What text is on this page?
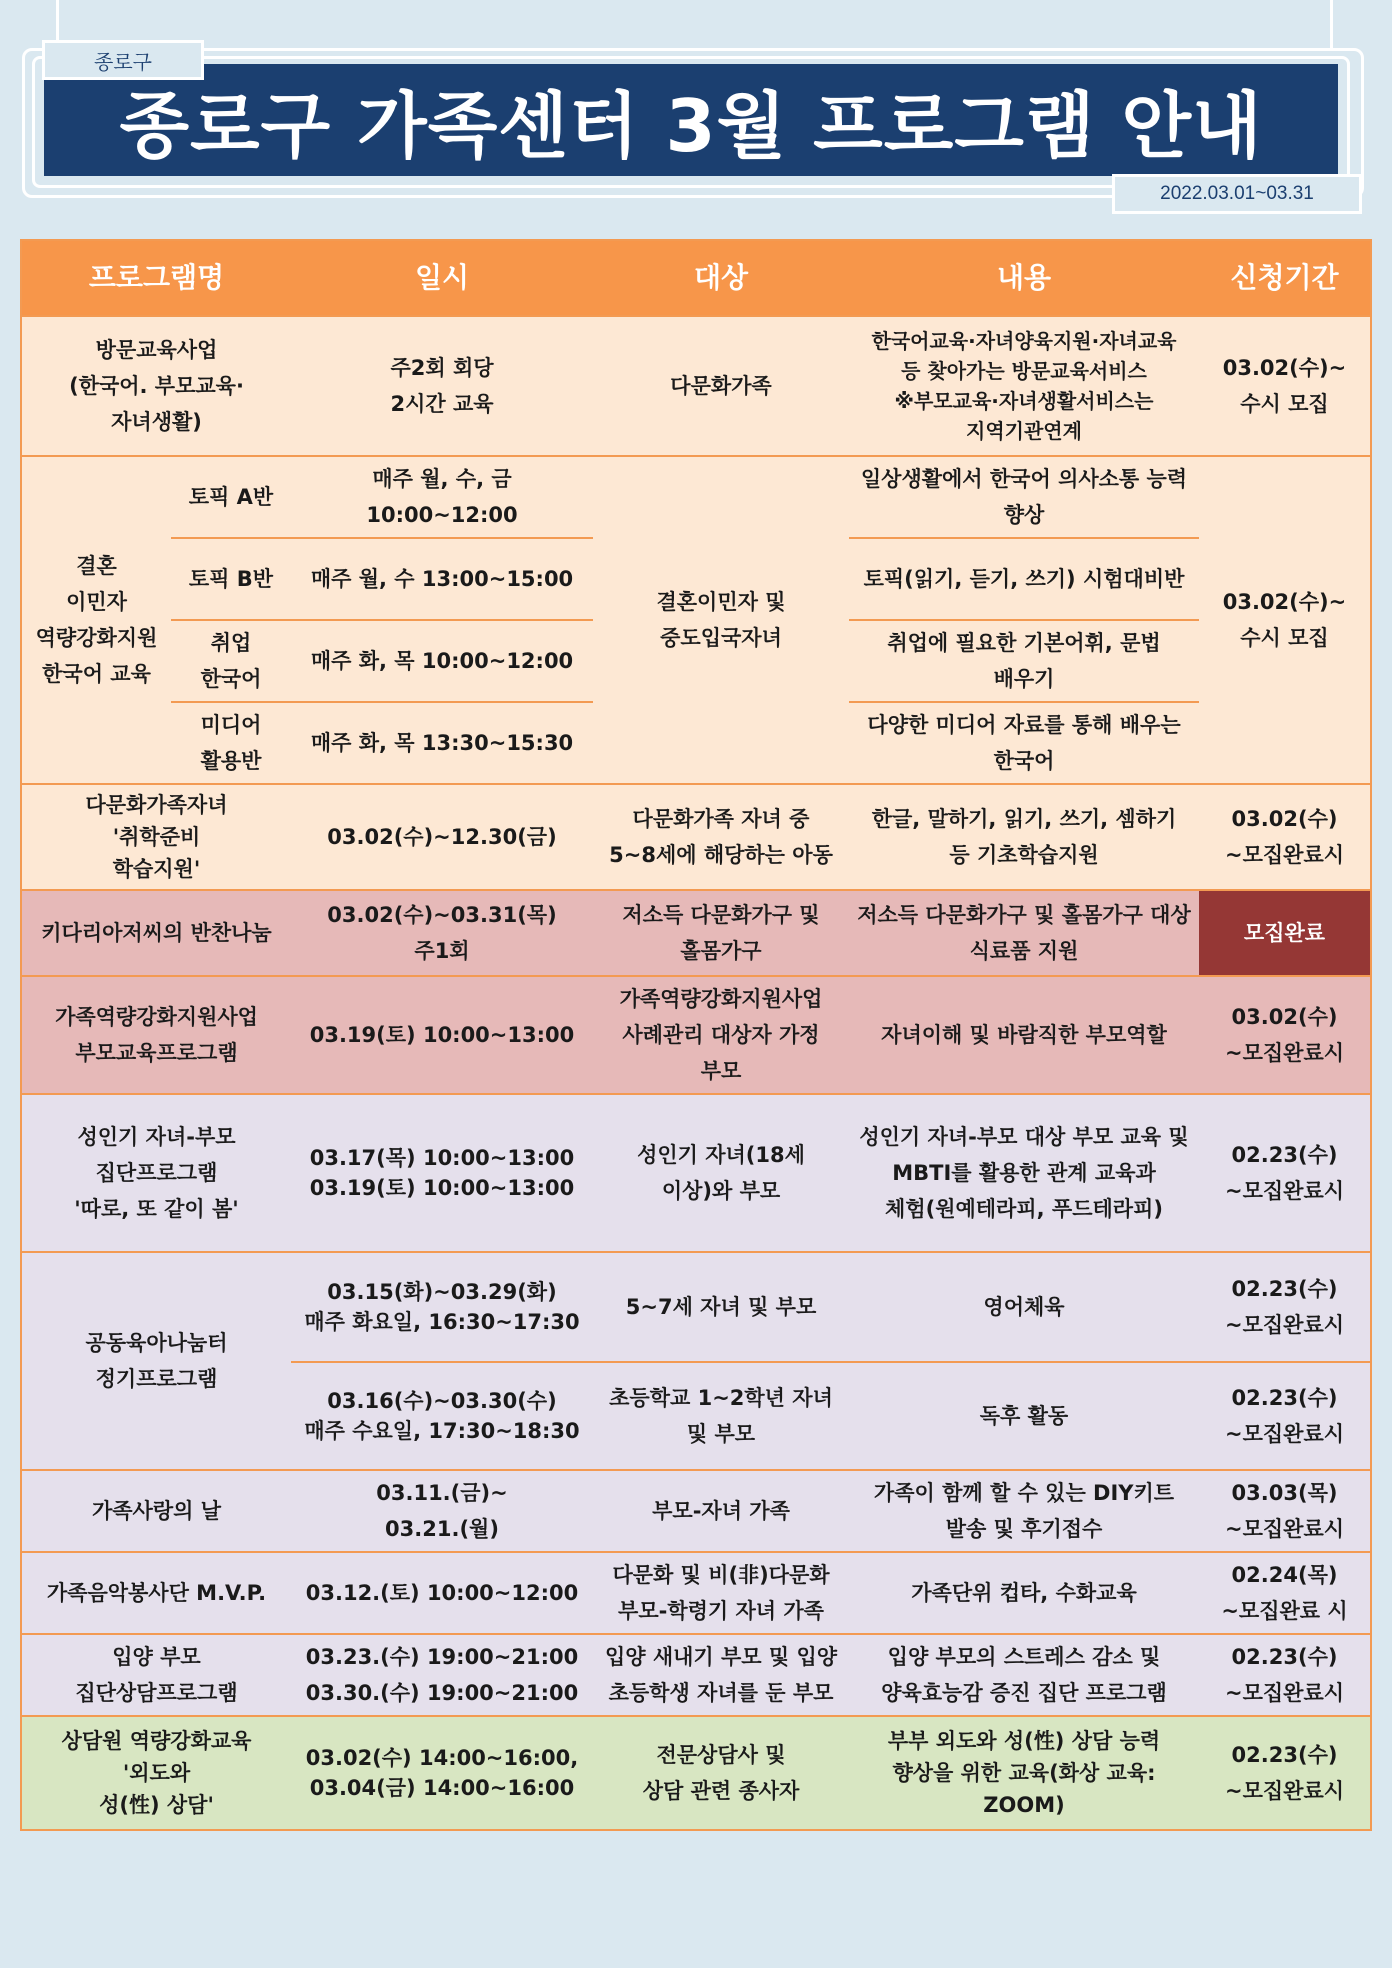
종로구 가족센터 3월 프로그램 안내
종로구
2022.03.01~03.31
프로그램명		일시	대상	내용	신청기간

방문교육사업
(한국어. 부모교육·
자녀생활)		주2회 회당
2시간 교육	다문화가족	한국어교육·자녀양육지원·자녀교육
등 찾아가는 방문교육서비스
※부모교육·자녀생활서비스는
지역기관연계	03.02(수)~
수시 모집

결혼
이민자
역량강화지원
한국어 교육	토픽 A반	매주 월, 수, 금 10:00~12:00	결혼이민자 및
중도입국자녀	일상생활에서 한국어 의사소통 능력
향상	03.02(수)~
수시 모집

	토픽 B반	매주 월, 수 13:00~15:00		토픽(읽기, 듣기, 쓰기) 시험대비반	

	취업
한국어	매주 화, 목 10:00~12:00		취업에 필요한 기본어휘, 문법
배우기	

	미디어
활용반	매주 화, 목 13:30~15:30		다양한 미디어 자료를 통해 배우는
한국어	

다문화가족자녀
'취학준비
학습지원'		03.02(수)~12.30(금)	다문화가족 자녀 중
5~8세에 해당하는 아동	한글, 말하기, 읽기, 쓰기, 셈하기
등 기초학습지원	03.02(수)
~모집완료시

키다리아저씨의 반찬나눔		03.02(수)~03.31(목)
주1회	저소득 다문화가구 및
홀몸가구	저소득 다문화가구 및 홀몸가구 대상
식료품 지원	모집완료

가족역량강화지원사업
부모교육프로그램		03.19(토) 10:00~13:00	가족역량강화지원사업
사례관리 대상자 가정
부모	자녀이해 및 바람직한 부모역할	03.02(수)
~모집완료시

성인기 자녀-부모
집단프로그램
'따로, 또 같이 봄'		03.17(목) 10:00~13:00
03.19(토) 10:00~13:00	성인기 자녀(18세
이상)와 부모	성인기 자녀-부모 대상 부모 교육 및
MBTI를 활용한 관계 교육과
체험(원예테라피, 푸드테라피)	02.23(수)
~모집완료시

공동육아나눔터
정기프로그램		03.15(화)~03.29(화)
매주 화요일, 16:30~17:30	5~7세 자녀 및 부모	영어체육	02.23(수)
~모집완료시

		03.16(수)~03.30(수)
매주 수요일, 17:30~18:30	초등학교 1~2학년 자녀
및 부모	독후 활동	02.23(수)
~모집완료시

가족사랑의 날		03.11.(금)~
03.21.(월)	부모-자녀 가족	가족이 함께 할 수 있는 DIY키트
발송 및 후기접수	03.03(목)
~모집완료시

가족음악봉사단 M.V.P.		03.12.(토) 10:00~12:00	다문화 및 비(非)다문화
부모-학령기 자녀 가족	가족단위 컵타, 수화교육	02.24(목)
~모집완료 시

입양 부모
집단상담프로그램		03.23.(수) 19:00~21:00
03.30.(수) 19:00~21:00	입양 새내기 부모 및 입양
초등학생 자녀를 둔 부모	입양 부모의 스트레스 감소 및
양육효능감 증진 집단 프로그램	02.23(수)
~모집완료시

상담원 역량강화교육
'외도와
성(性) 상담'		03.02(수) 14:00~16:00,
03.04(금) 14:00~16:00	전문상담사 및
상담 관련 종사자	부부 외도와 성(性) 상담 능력
향상을 위한 교육(화상 교육:
ZOOM)	02.23(수)
~모집완료시
